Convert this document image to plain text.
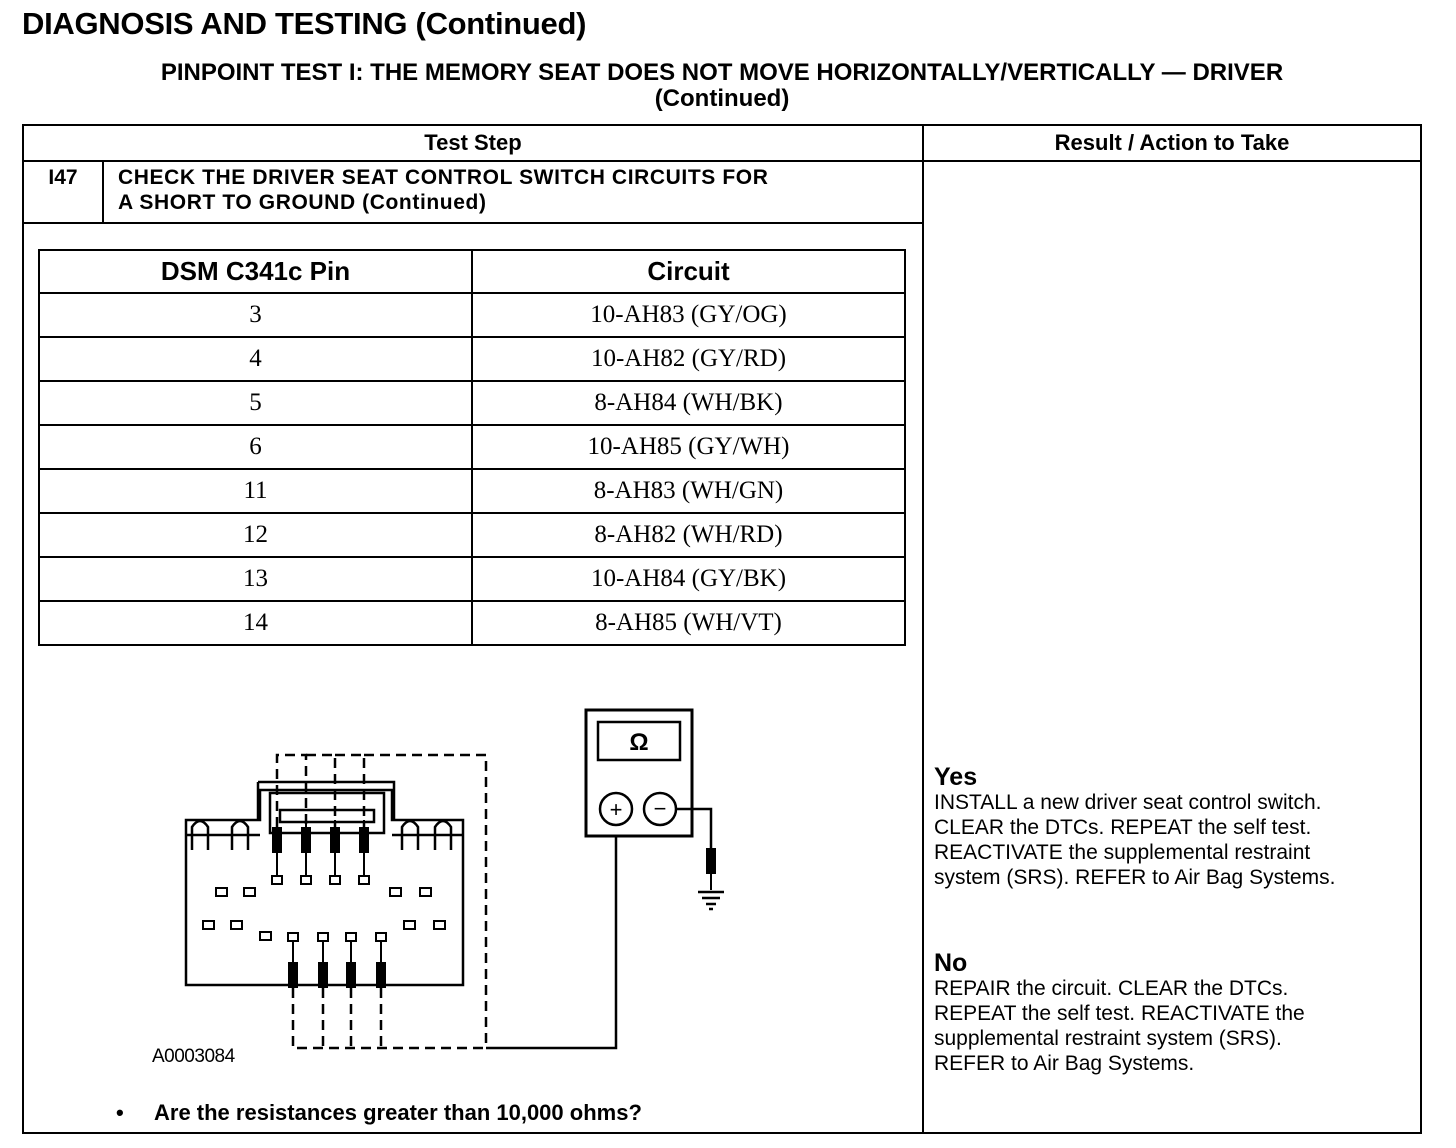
DIAGNOSIS AND TESTING (Continued)
PINPOINT TEST I: THE MEMORY SEAT DOES NOT MOVE HORIZONTALLY/VERTICALLY — DRIVER
(Continued)
Test Step	Result / Action to Take
I47	CHECK THE DRIVER SEAT CONTROL SWITCH CIRCUITS FOR
A SHORT TO GROUND (Continued)
DSM C341c Pin	Circuit
3	10-AH83 (GY/OG)
4	10-AH82 (GY/RD)
5	8-AH84 (WH/BK)
6	10-AH85 (GY/WH)
11	8-AH83 (WH/GN)
12	8-AH82 (WH/RD)
13	10-AH84 (GY/BK)
14	8-AH85 (WH/VT)
Ω
+ −
A0003084
• Are the resistances greater than 10,000 ohms?
Yes
INSTALL a new driver seat control switch.
CLEAR the DTCs. REPEAT the self test.
REACTIVATE the supplemental restraint
system (SRS). REFER to Air Bag Systems.
No
REPAIR the circuit. CLEAR the DTCs.
REPEAT the self test. REACTIVATE the
supplemental restraint system (SRS).
REFER to Air Bag Systems.
